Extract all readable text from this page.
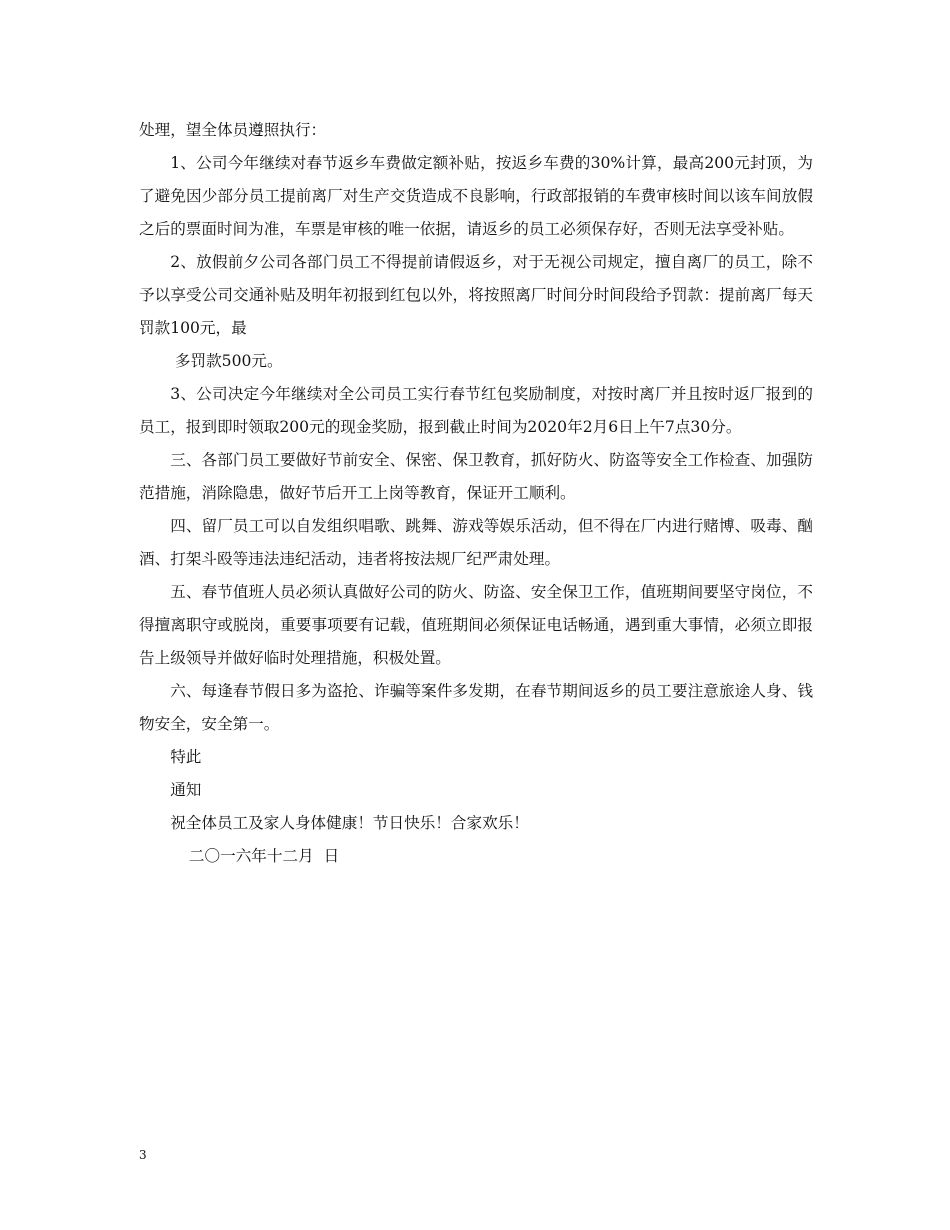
处理，望全体员遵照执行：

1、公司今年继续对春节返乡车费做定额补贴，按返乡车费的30%计算，最高200元封顶，为了避免因少部分员工提前离厂对生产交货造成不良影响，行政部报销的车费审核时间以该车间放假之后的票面时间为准，车票是审核的唯一依据，请返乡的员工必须保存好，否则无法享受补贴。

2、放假前夕公司各部门员工不得提前请假返乡，对于无视公司规定，擅自离厂的员工，除不予以享受公司交通补贴及明年初报到红包以外，将按照离厂时间分时间段给予罚款：提前离厂每天罚款100元，最

多罚款500元。

3、公司决定今年继续对全公司员工实行春节红包奖励制度，对按时离厂并且按时返厂报到的员工，报到即时领取200元的现金奖励，报到截止时间为2020年2月6日上午7点30分。

三、各部门员工要做好节前安全、保密、保卫教育，抓好防火、防盗等安全工作检查、加强防范措施，消除隐患，做好节后开工上岗等教育，保证开工顺利。

四、留厂员工可以自发组织唱歌、跳舞、游戏等娱乐活动，但不得在厂内进行赌博、吸毒、酗酒、打架斗殴等违法违纪活动，违者将按法规厂纪严肃处理。

五、春节值班人员必须认真做好公司的防火、防盗、安全保卫工作，值班期间要坚守岗位，不得擅离职守或脱岗，重要事项要有记载，值班期间必须保证电话畅通，遇到重大事情，必须立即报告上级领导并做好临时处理措施，积极处置。

六、每逢春节假日多为盗抢、诈骗等案件多发期，在春节期间返乡的员工要注意旅途人身、钱物安全，安全第一。

特此

通知

祝全体员工及家人身体健康！节日快乐！合家欢乐！

二〇一六年十二月  日

3
